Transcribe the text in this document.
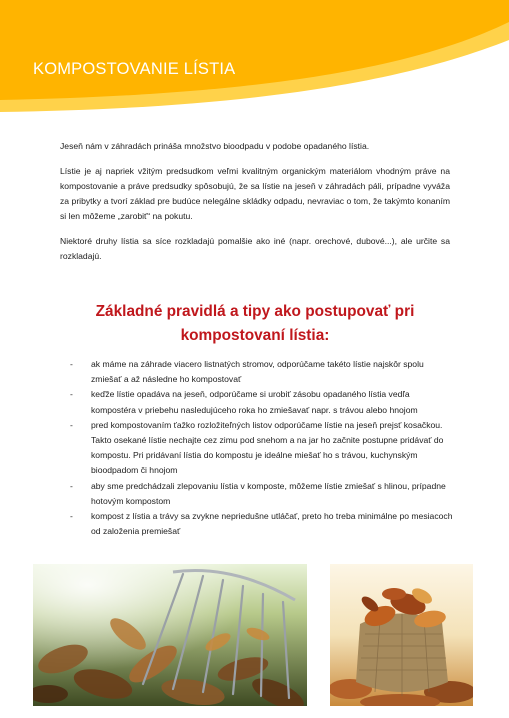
KOMPOSTOVANIE LÍSTIA

Jeseň nám v záhradách prináša množstvo bioodpadu v podobe opadaného lístia.

Lístie je aj napriek vžitým predsudkom veľmi kvalitným organickým materiálom vhodným práve na kompostovanie a práve predsudky spôsobujú, že sa lístie na jeseň v záhradách páli, prípadne vyváža za pribytky a tvorí základ pre budúce nelegálne skládky odpadu, nevraviac o tom, že takýmto konaním si len môžeme „zarobiť“ na pokutu.

Niektoré druhy lístia sa síce rozkladajú pomalšie ako iné (napr. orechové, dubové...), ale určite sa rozkladajú.

Základné pravidlá a tipy ako postupovať pri
kompostovaní lístia:
- ak máme na záhrade viacero listnatých stromov, odporúčame takéto lístie najskôr spolu zmiešať a až následne ho kompostovať
- keďže lístie opadáva na jeseň, odporúčame si urobiť zásobu opadaného lístia vedľa kompostéra v priebehu nasledujúceho roka ho zmiešavať napr. s trávou alebo hnojom
- pred kompostovaním ťažko rozložiteľných listov odporúčame lístie na jeseň prejsť kosačkou. Takto osekané lístie nechajte cez zimu pod snehom a na jar ho začnite postupne pridávať do kompostu. Pri pridávaní lístia do kompostu je ideálne miešať ho s trávou, kuchynským bioodpadom či hnojom
- aby sme predchádzali zlepovaniu lístia v komposte, môžeme lístie zmiešať s hlinou, prípadne hotovým kompostom
- kompost z lístia a trávy sa zvykne nepriedušne utláčať, preto ho treba minimálne po mesiacoch od založenia premiešať
